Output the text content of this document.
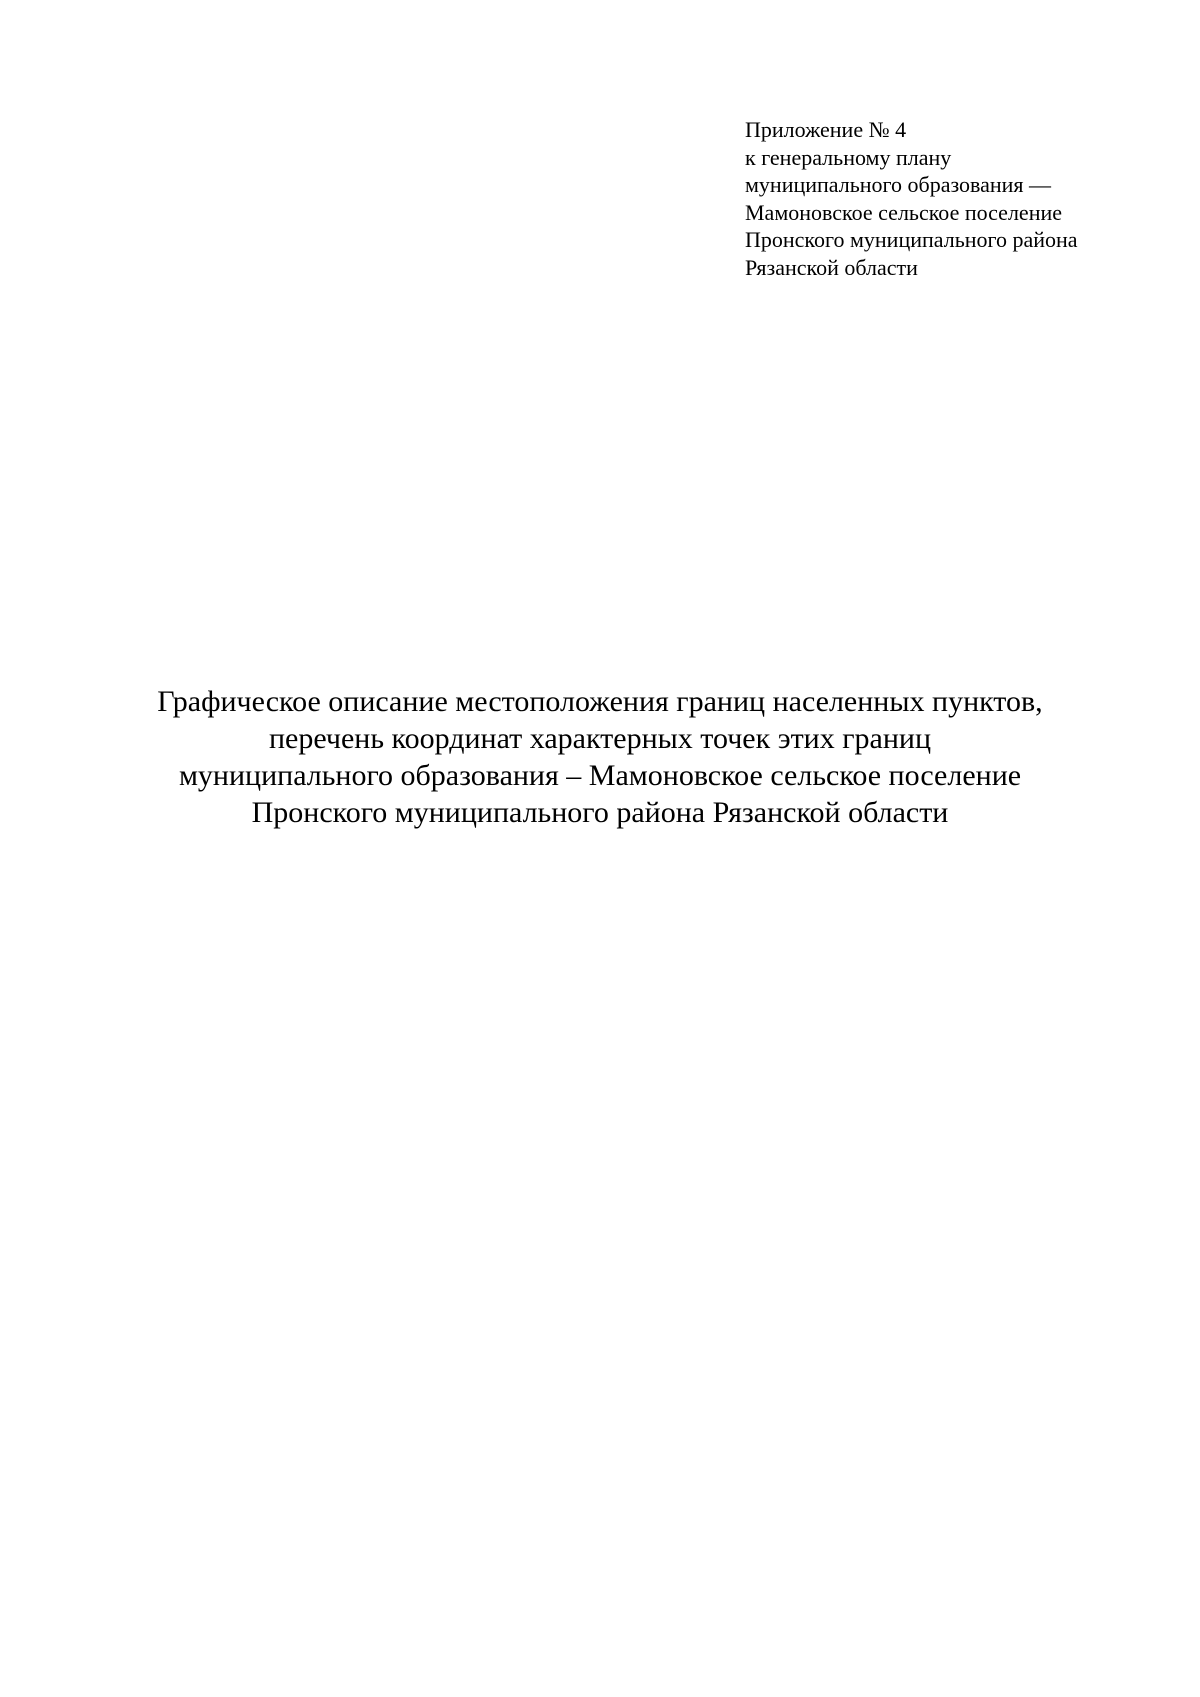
Приложение № 4
к генеральному плану
муниципального образования —
Мамоновское сельское поселение
Пронского муниципального района
Рязанской области
Графическое описание местоположения границ населенных пунктов,
перечень координат характерных точек этих границ
муниципального образования – Мамоновское сельское поселение
Пронского муниципального района Рязанской области
